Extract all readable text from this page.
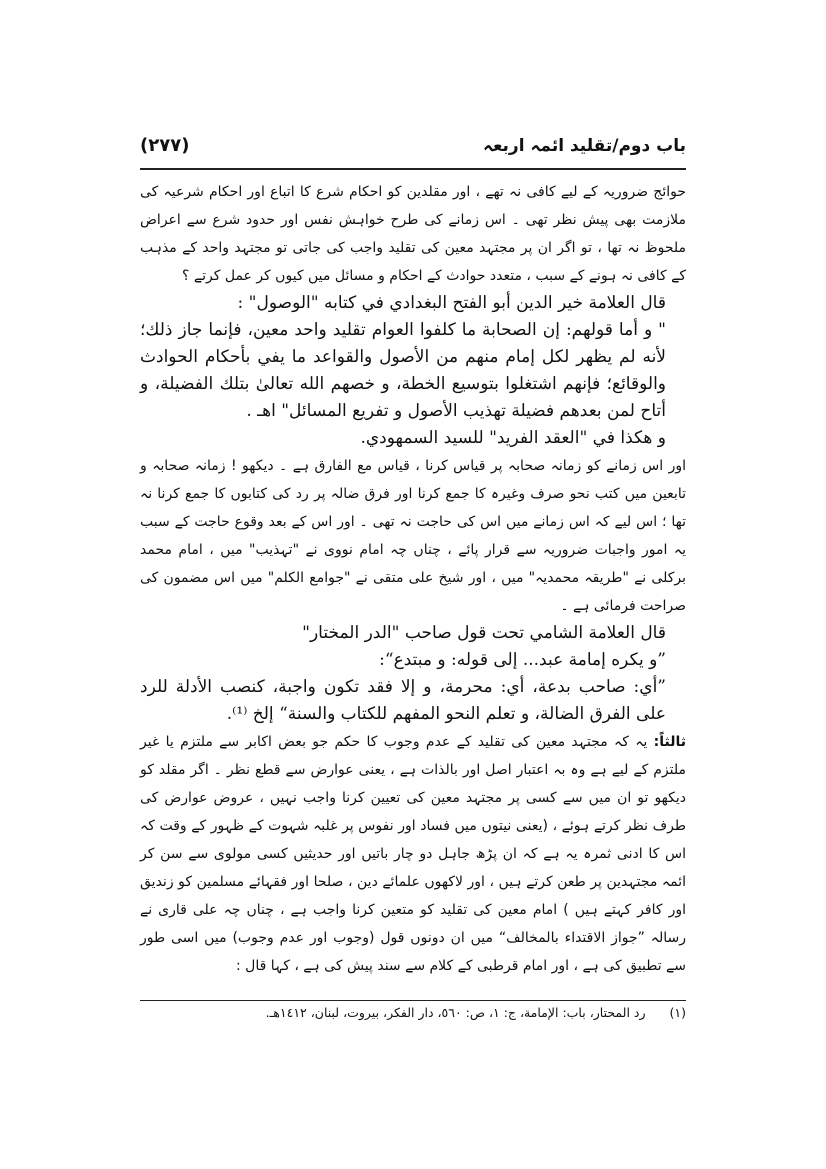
(۲۷۷)	باب دوم/تقلید ائمہ اربعہ

حوائج ضروریہ کے لیے کافی نہ تھے ، اور مقلدین کو احکام شرع کا اتباع اور احکام شرعیہ کی ملازمت بھی پیش نظر تھی ۔ اس زمانے کی طرح خواہش نفس اور حدود شرع سے اعراض ملحوظ نہ تھا ، تو اگر ان پر مجتہد معین کی تقلید واجب کی جاتی تو مجتہد واحد کے مذہب کے کافی نہ ہونے کے سبب ، متعدد حوادث کے احکام و مسائل میں کیوں کر عمل کرتے ؟

قال العلامة خير الدين أبو الفتح البغدادي في كتابه "الوصول" :

" و أما قولهم: إن الصحابة ما كلفوا العوام تقليد واحد معين، فإنما جاز ذلك؛ لأنه لم يظهر لكل إمام منهم من الأصول والقواعد ما يفي بأحكام الحوادث والوقائع؛ فإنهم اشتغلوا بتوسيع الخطة، و خصهم الله تعالىٰ بتلك الفضيلة، و أتاح لمن بعدهم فضيلة تهذيب الأصول و تفريع المسائل" اهـ .

و هكذا في "العقد الفريد" للسيد السمهودي.

اور اس زمانے کو زمانہ صحابہ پر قیاس کرنا ، قیاس مع الفارق ہے ۔ دیکھو ! زمانہ صحابہ و تابعین میں کتب نحو صرف وغیرہ کا جمع کرنا اور فرق ضالہ پر رد کی کتابوں کا جمع کرنا نہ تھا ؛ اس لیے کہ اس زمانے میں اس کی حاجت نہ تھی ۔ اور اس کے بعد وقوع حاجت کے سبب یہ امور واجبات ضروریہ سے قرار پائے ، چناں چہ امام نووی نے "تہذیب" میں ، امام محمد برکلی نے "طریقہ محمدیہ" میں ، اور شیخ علی متقی نے "جوامع الکلم" میں اس مضمون کی صراحت فرمائی ہے ۔

قال العلامة الشامي تحت قول صاحب "الدر المختار"

”و يكره إمامة عبد... إلى قوله: و مبتدع“:

”أي: صاحب بدعة، أي: محرمة، و إلا فقد تكون واجبة، كنصب الأدلة للرد على الفرق الضالة، و تعلم النحو المفهم للكتاب والسنة“ إلخ ⁽¹⁾.

ثالثاً: یہ کہ مجتہد معین کی تقلید کے عدم وجوب کا حکم جو بعض اکابر سے ملتزم یا غیر ملتزم کے لیے ہے وہ بہ اعتبار اصل اور بالذات ہے ، یعنی عوارض سے قطع نظر ۔ اگر مقلد کو دیکھو تو ان میں سے کسی پر مجتہد معین کی تعیین کرنا واجب نہیں ، عروض عوارض کی طرف نظر کرتے ہوئے ، (یعنی نیتوں میں فساد اور نفوس پر غلبہ شہوت کے ظہور کے وقت کہ اس کا ادنی ثمرہ یہ ہے کہ ان پڑھ جاہل دو چار باتیں اور حدیثیں کسی مولوی سے سن کر ائمہ مجتہدین پر طعن کرتے ہیں ، اور لاکھوں علمائے دین ، صلحا اور فقہائے مسلمین کو زندیق اور کافر کہتے ہیں ) امام معین کی تقلید کو متعین کرنا واجب ہے ، چناں چہ علی قاری نے رسالہ ”جواز الاقتداء بالمخالف“ میں ان دونوں قول (وجوب اور عدم وجوب) میں اسی طور سے تطبیق کی ہے ، اور امام قرطبی کے کلام سے سند پیش کی ہے ، کہا قال :

(۱) رد المحتار، باب: الإمامة، ج: ١، ص: ٥٦٠، دار الفكر، بيروت، لبنان، ١٤١٢هـ.
